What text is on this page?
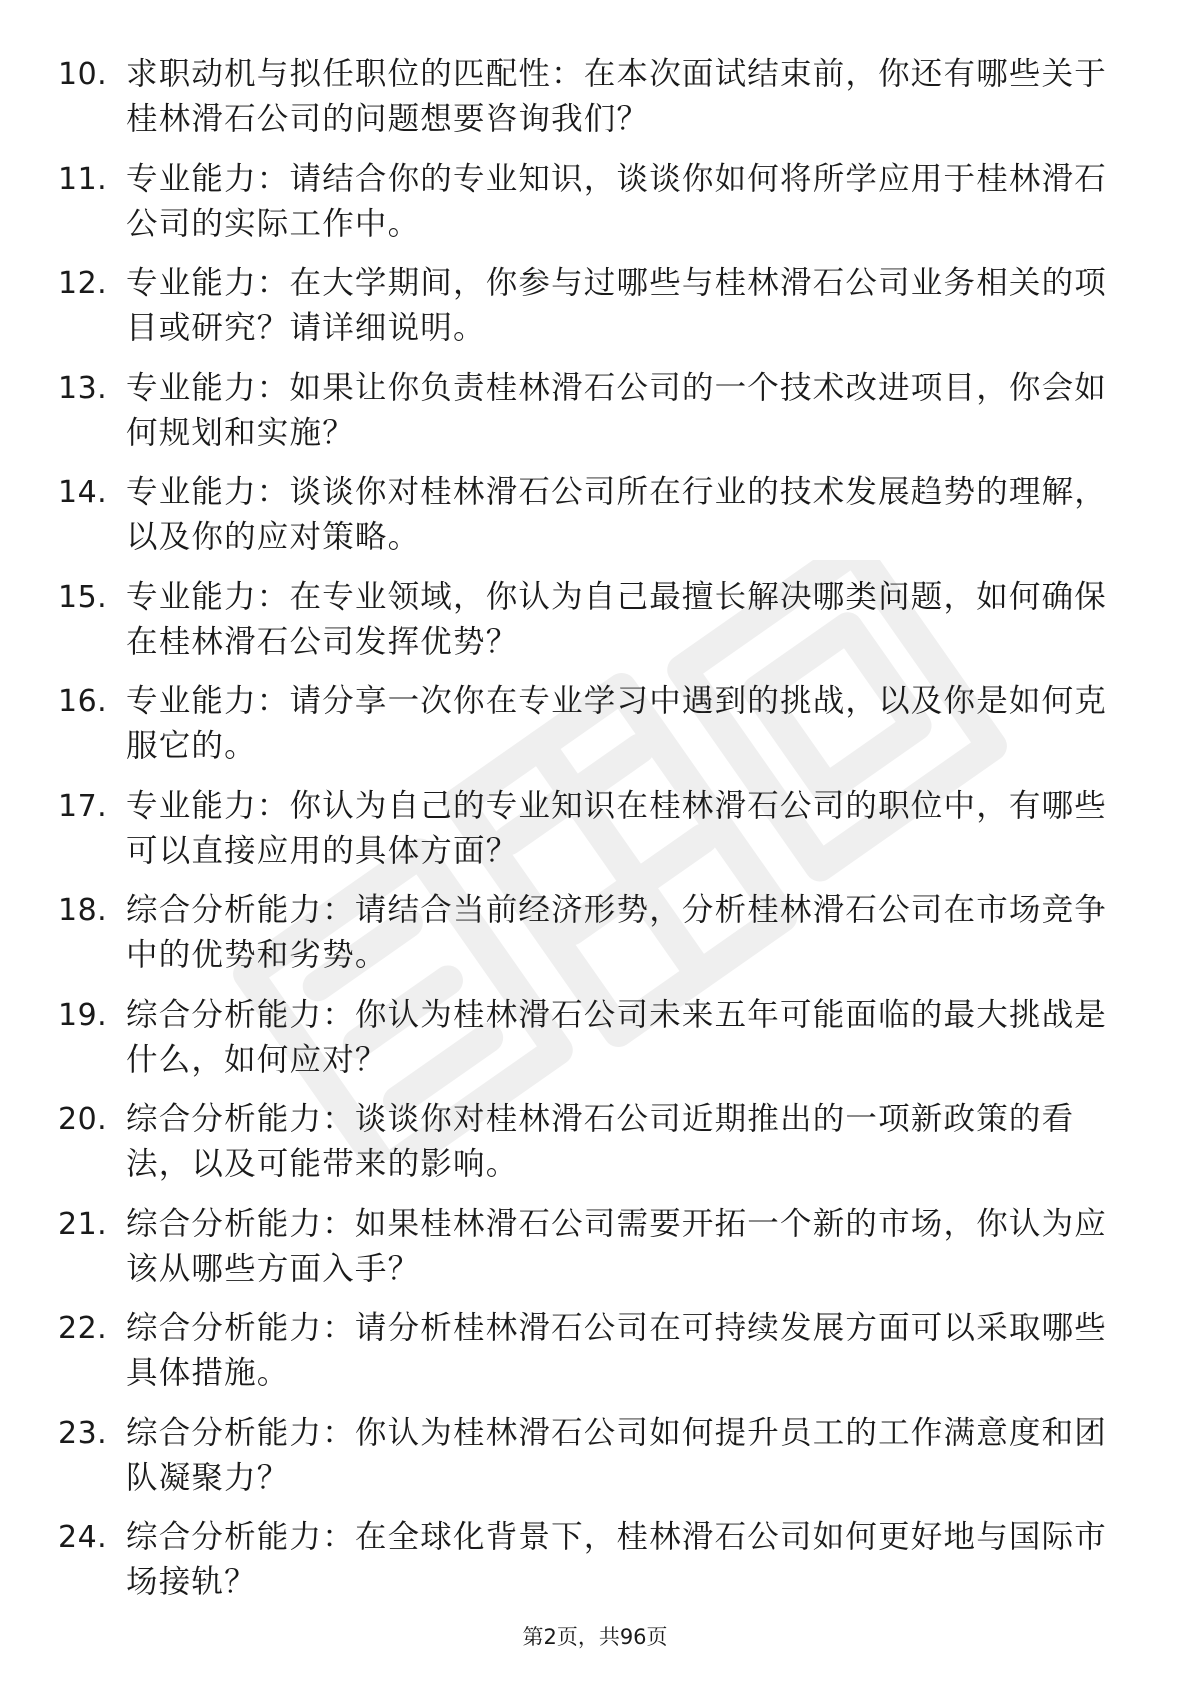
10. 求职动机与拟任职位的匹配性：在本次面试结束前，你还有哪些关于桂林滑石公司的问题想要咨询我们？
11. 专业能力：请结合你的专业知识，谈谈你如何将所学应用于桂林滑石公司的实际工作中。
12. 专业能力：在大学期间，你参与过哪些与桂林滑石公司业务相关的项目或研究？请详细说明。
13. 专业能力：如果让你负责桂林滑石公司的一个技术改进项目，你会如何规划和实施？
14. 专业能力：谈谈你对桂林滑石公司所在行业的技术发展趋势的理解，以及你的应对策略。
15. 专业能力：在专业领域，你认为自己最擅长解决哪类问题，如何确保在桂林滑石公司发挥优势？
16. 专业能力：请分享一次你在专业学习中遇到的挑战，以及你是如何克服它的。
17. 专业能力：你认为自己的专业知识在桂林滑石公司的职位中，有哪些可以直接应用的具体方面？
18. 综合分析能力：请结合当前经济形势，分析桂林滑石公司在市场竞争中的优势和劣势。
19. 综合分析能力：你认为桂林滑石公司未来五年可能面临的最大挑战是什么，如何应对？
20. 综合分析能力：谈谈你对桂林滑石公司近期推出的一项新政策的看法，以及可能带来的影响。
21. 综合分析能力：如果桂林滑石公司需要开拓一个新的市场，你认为应该从哪些方面入手？
22. 综合分析能力：请分析桂林滑石公司在可持续发展方面可以采取哪些具体措施。
23. 综合分析能力：你认为桂林滑石公司如何提升员工的工作满意度和团队凝聚力？
24. 综合分析能力：在全球化背景下，桂林滑石公司如何更好地与国际市场接轨？
第2页，共96页
